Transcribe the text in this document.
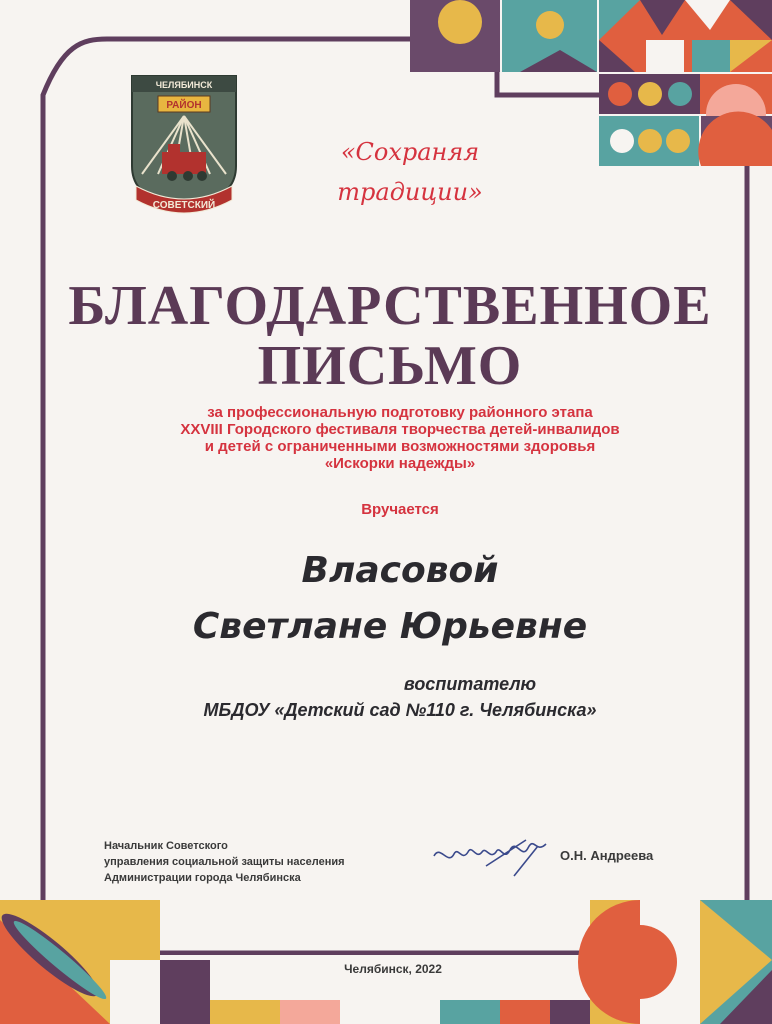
ЧЕЛЯБИНСК
РАЙОН
СОВЕТСКИЙ
«Сохраняя
традиции»
БЛАГОДАРСТВЕННОЕ
ПИСЬМО
за профессиональную подготовку районного этапа
XXVIII Городского фестиваля творчества детей-инвалидов
и детей с ограниченными возможностями здоровья
«Искорки надежды»
Вручается
Власовой
Светлане Юрьевне
воспитателю
МБДОУ «Детский сад №110 г. Челябинска»
Начальник Советского
управления социальной защиты населения
Администрации города Челябинска
О.Н. Андреева
Челябинск, 2022
